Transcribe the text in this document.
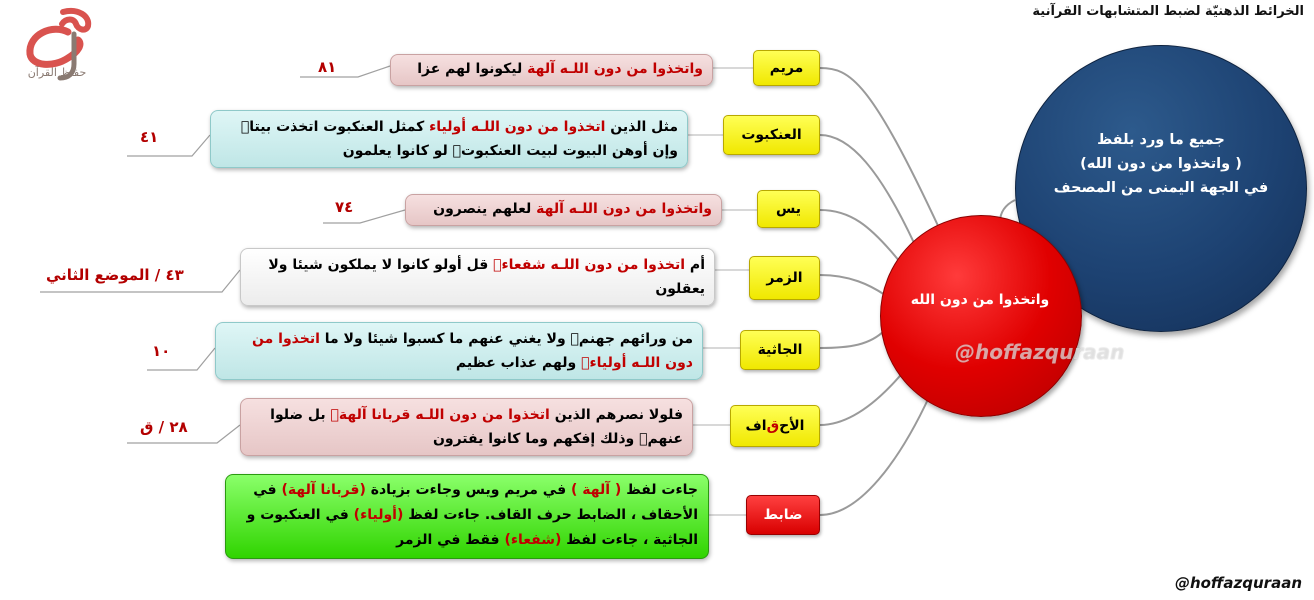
الخرائط الذهنيّة لضبط المتشابهات القرآنية
حفاظ القرآن
جميع ما ورد بلفظ
( واتخذوا من دون الله)
في الجهة اليمنى من المصحف
واتخذوا من دون الله
@hoffazquraan
مريم
واتخذوا من دون اللـه آلهة ليكونوا لهم عزا
٨١
العنكبوت
مثل الذين اتخذوا من دون اللـه أولياء كمثل العنكبوت اتخذت بيتا وإن أوهن البيوت لبيت العنكبوت لو كانوا يعلمون
٤١
يس
واتخذوا من دون اللـه آلهة لعلهم ينصرون
٧٤
الزمر
أم اتخذوا من دون اللـه شفعاء قل أولو كانوا لا يملكون شيئا ولا يعقلون
٤٣ / الموضع الثاني
الجاثية
من ورائهم جهنم ولا يغني عنهم ما كسبوا شيئا ولا ما اتخذوا من دون اللـه أولياء ولهم عذاب عظيم
١٠
الأح
ق
اف
فلولا نصرهم الذين اتخذوا من دون اللـه قربانا آلهة بل ضلوا عنهم وذلك إفكهم وما كانوا يفترون
٢٨ / ق
ضابط
جاءت لفظ ( آلهة ) في مريم ويس وجاءت بزيادة (قربانا آلهة) في الأحقاف ، الضابط حرف القاف. جاءت لفظ (أولياء) في العنكبوت و الجاثية ، جاءت لفظ (شفعاء) فقط في الزمر
@hoffazquraan
